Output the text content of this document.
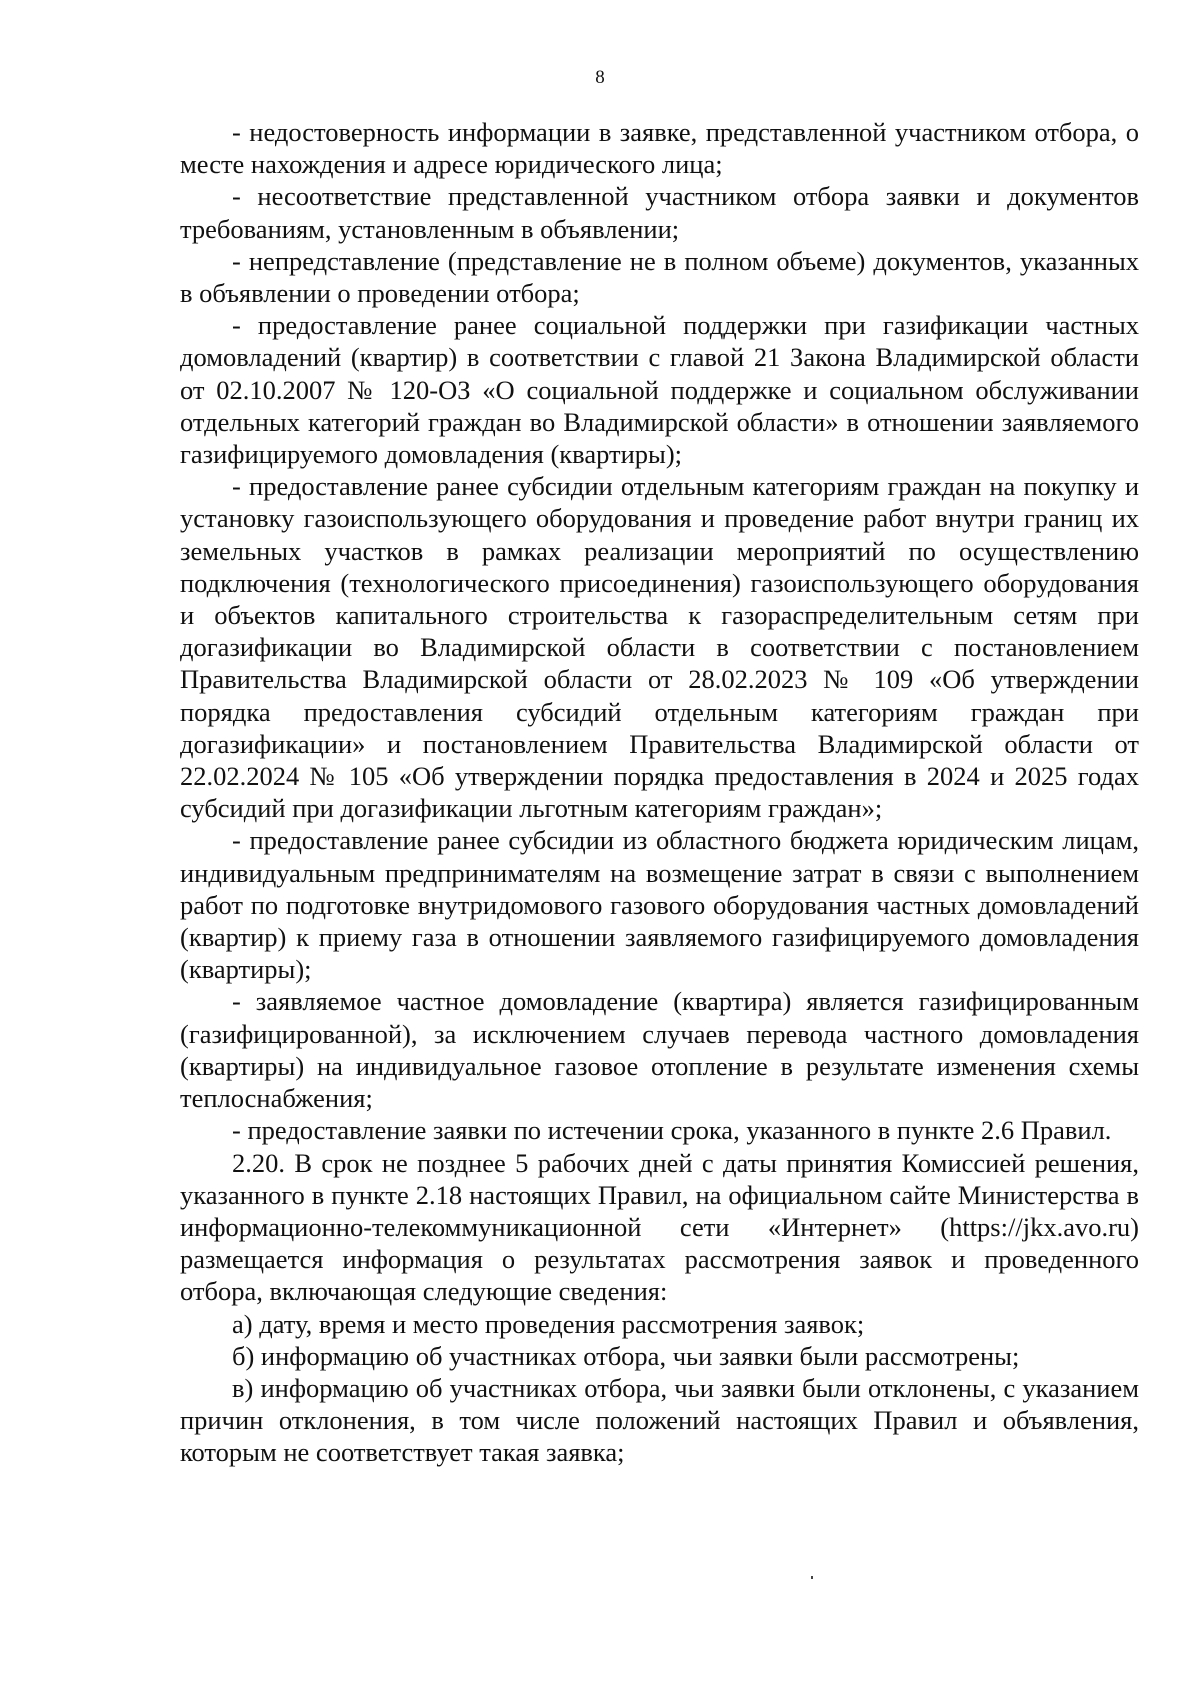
8

- недостоверность информации в заявке, представленной участником отбора, о месте нахождения и адресе юридического лица;

- несоответствие представленной участником отбора заявки и документов требованиям, установленным в объявлении;

- непредставление (представление не в полном объеме) документов, указанных в объявлении о проведении отбора;

- предоставление ранее социальной поддержки при газификации частных домовладений (квартир) в соответствии с главой 21 Закона Владимирской области от 02.10.2007 № 120-ОЗ «О социальной поддержке и социальном обслуживании отдельных категорий граждан во Владимирской области» в отношении заявляемого газифицируемого домовладения (квартиры);

- предоставление ранее субсидии отдельным категориям граждан на покупку и установку газоиспользующего оборудования и проведение работ внутри границ их земельных участков в рамках реализации мероприятий по осуществлению подключения (технологического присоединения) газоиспользующего оборудования и объектов капитального строительства к газораспределительным сетям при догазификации во Владимирской области в соответствии с постановлением Правительства Владимирской области от 28.02.2023 № 109 «Об утверждении порядка предоставления субсидий отдельным категориям граждан при догазификации» и постановлением Правительства Владимирской области от 22.02.2024 № 105 «Об утверждении порядка предоставления в 2024 и 2025 годах субсидий при догазификации льготным категориям граждан»;

- предоставление ранее субсидии из областного бюджета юридическим лицам, индивидуальным предпринимателям на возмещение затрат в связи с выполнением работ по подготовке внутридомового газового оборудования частных домовладений (квартир) к приему газа в отношении заявляемого газифицируемого домовладения (квартиры);

- заявляемое частное домовладение (квартира) является газифицированным (газифицированной), за исключением случаев перевода частного домовладения (квартиры) на индивидуальное газовое отопление в результате изменения схемы теплоснабжения;

- предоставление заявки по истечении срока, указанного в пункте 2.6 Правил.

2.20. В срок не позднее 5 рабочих дней с даты принятия Комиссией решения, указанного в пункте 2.18 настоящих Правил, на официальном сайте Министерства в информационно-телекоммуникационной сети «Интернет» (https://jkx.avo.ru) размещается информация о результатах рассмотрения заявок и проведенного отбора, включающая следующие сведения:

а) дату, время и место проведения рассмотрения заявок;

б) информацию об участниках отбора, чьи заявки были рассмотрены;

в) информацию об участниках отбора, чьи заявки были отклонены, с указанием причин отклонения, в том числе положений настоящих Правил и объявления, которым не соответствует такая заявка;
